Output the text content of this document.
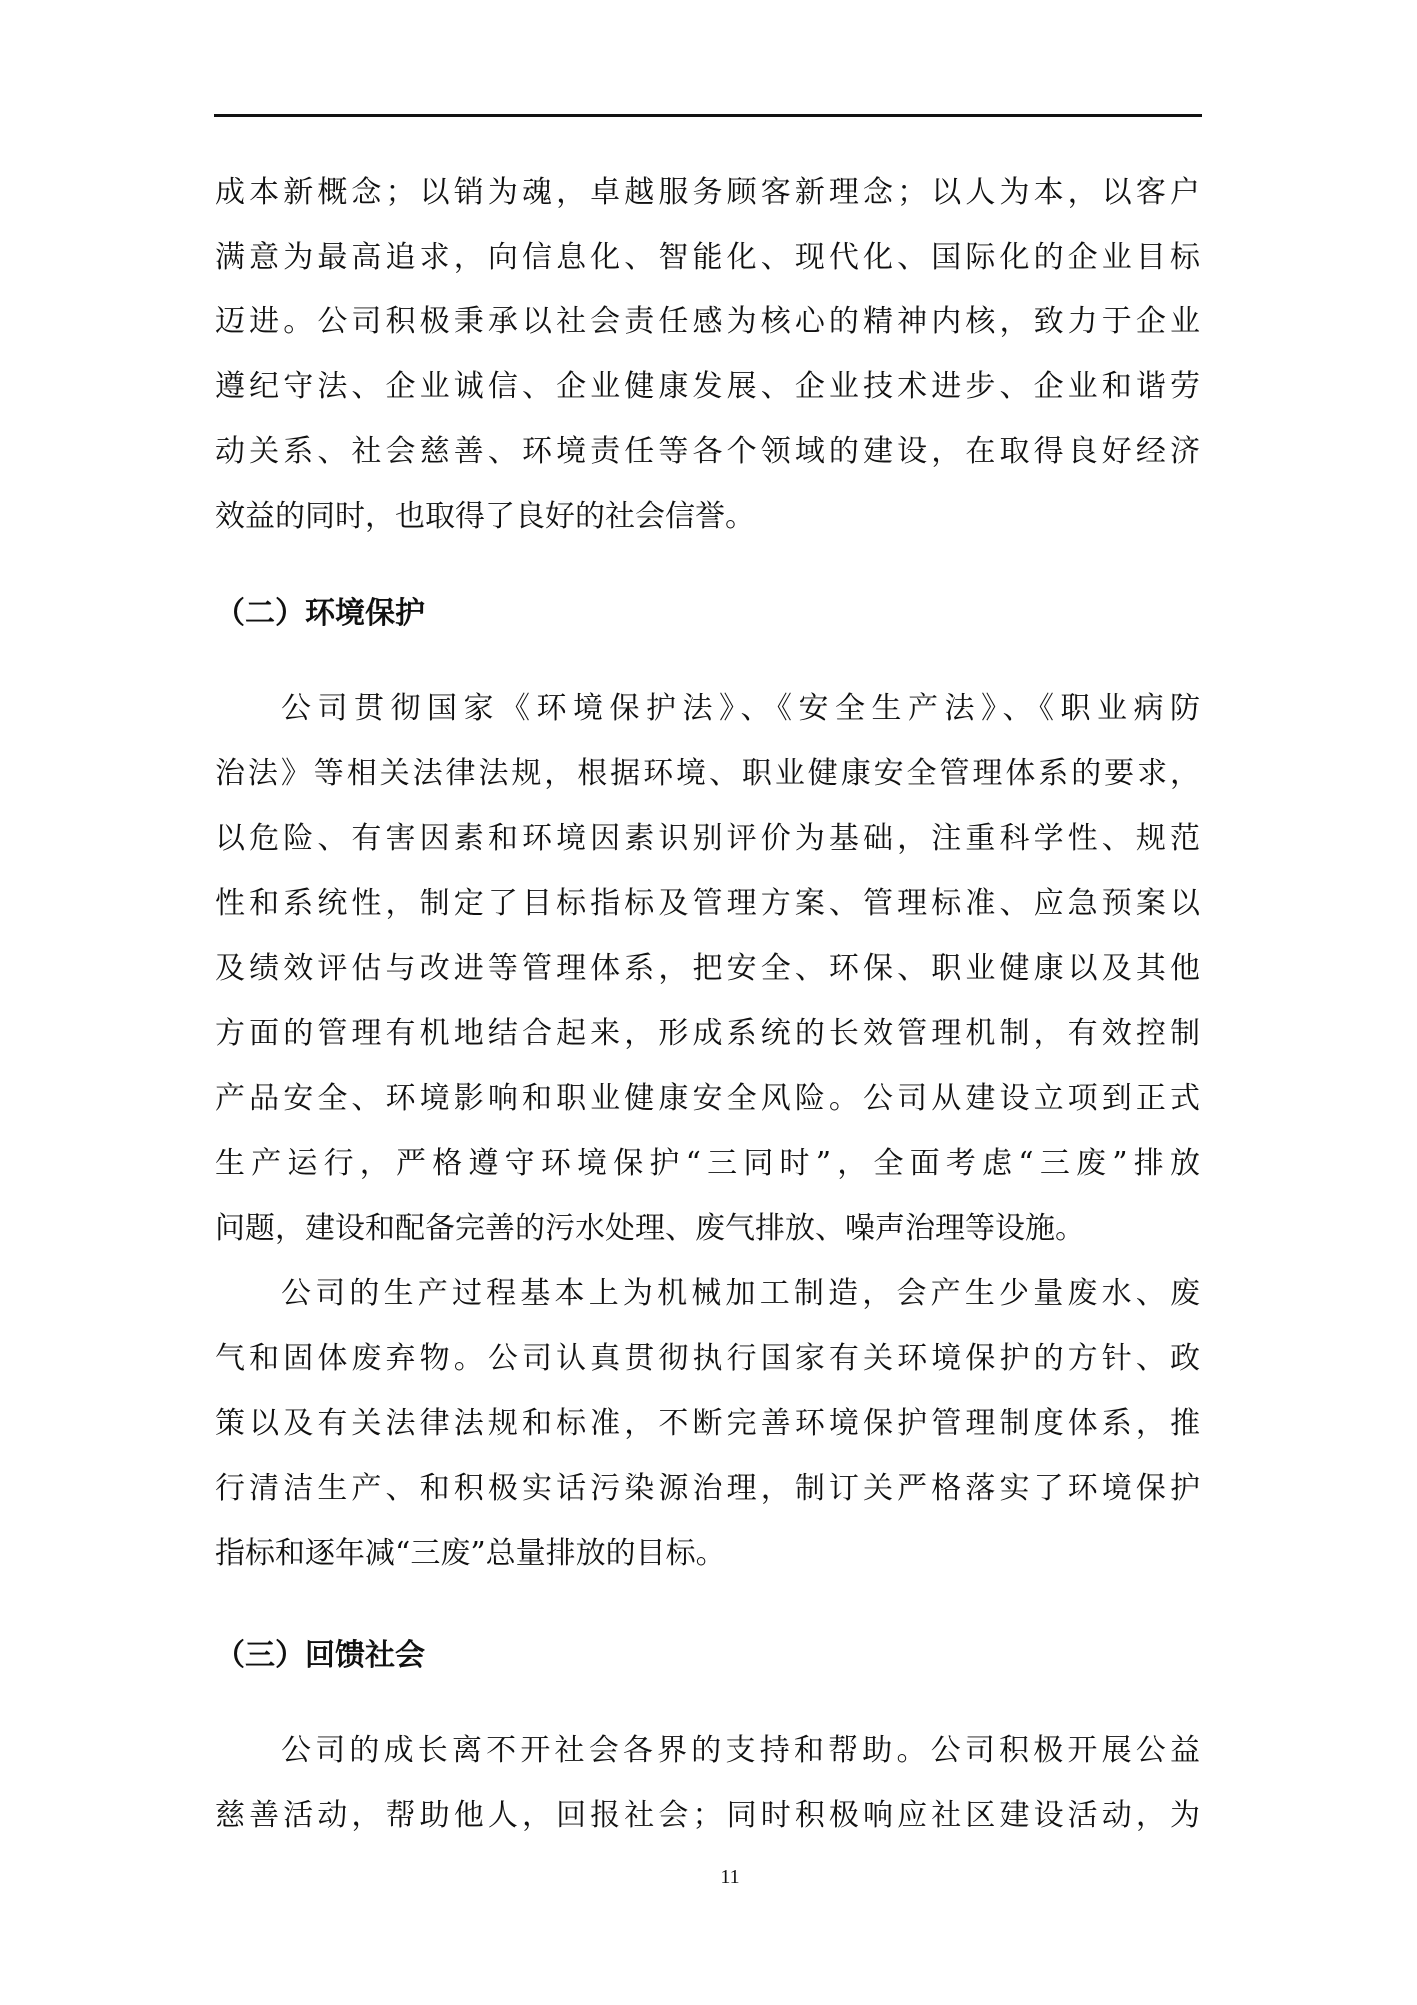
成本新概念；以销为魂，卓越服务顾客新理念；以人为本，以客户
满意为最高追求，向信息化、智能化、现代化、国际化的企业目标
迈进。公司积极秉承以社会责任感为核心的精神内核，致力于企业
遵纪守法、企业诚信、企业健康发展、企业技术进步、企业和谐劳
动关系、社会慈善、环境责任等各个领域的建设，在取得良好经济
效益的同时，也取得了良好的社会信誉。
（二）环境保护
公司贯彻国家《环境保护法》、《安全生产法》、《职业病防
治法》等相关法律法规，根据环境、职业健康安全管理体系的要求，
以危险、有害因素和环境因素识别评价为基础，注重科学性、规范
性和系统性，制定了目标指标及管理方案、管理标准、应急预案以
及绩效评估与改进等管理体系，把安全、环保、职业健康以及其他
方面的管理有机地结合起来，形成系统的长效管理机制，有效控制
产品安全、环境影响和职业健康安全风险。公司从建设立项到正式
生产运行，严格遵守环境保护“三同时”，全面考虑“三废”排放
问题，建设和配备完善的污水处理、废气排放、噪声治理等设施。
公司的生产过程基本上为机械加工制造，会产生少量废水、废
气和固体废弃物。公司认真贯彻执行国家有关环境保护的方针、政
策以及有关法律法规和标准，不断完善环境保护管理制度体系，推
行清洁生产、和积极实话污染源治理，制订关严格落实了环境保护
指标和逐年减“三废”总量排放的目标。
（三）回馈社会
公司的成长离不开社会各界的支持和帮助。公司积极开展公益
慈善活动，帮助他人，回报社会；同时积极响应社区建设活动，为
11
